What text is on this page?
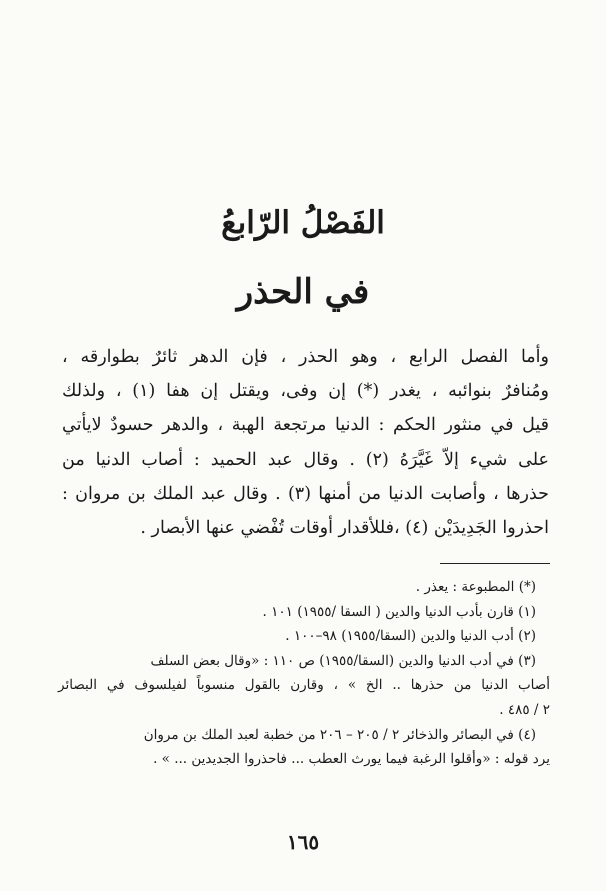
الفَصْلُ الرّابعُ
في الحذر
وأما الفصل الرابع ، وهو الحذر ، فإن الدهر ثائرٌ بطوارقه ،
ومُنافرٌ بنوائبه ، يغدر (*) إن وفى، ويقتل إن هفا (١) ، ولذلك
قيل في منثور الحكم : الدنيا مرتجعة الهبة ، والدهر حسودٌ لايأتي
على شيء إلاّ غَيَّرَهُ (٢) . وقال عبد الحميد : أصاب الدنيا من
حذرها ، وأصابت الدنيا من أمنها (٣) . وقال عبد الملك بن مروان :
احذروا الجَدِيدَيْن (٤) ،فللأقدار أوقات تُفْضي عنها الأبصار .
(*) المطبوعة : يعذر .
(١) قارن بأدب الدنيا والدين ( السقا /١٩٥٥) ١٠١ .
(٢) أدب الدنيا والدين (السقا/١٩٥٥) ٩٨–١٠٠ .
(٣) في أدب الدنيا والدين (السقا/١٩٥٥) ص ١١٠ : «وقال بعض السلف
أصاب الدنيا من حذرها .. الخ » ، وقارن بالقول منسوباً لفيلسوف في البصائر
٢ / ٤٨٥ .
(٤) في البصائر والذخائر ٢ / ٢٠٥ – ٢٠٦ من خطبة لعبد الملك بن مروان
يرد قوله : «وأقلوا الرغبة فيما يورث العطب ... فاحذروا الجديدين ... » .
١٦٥
